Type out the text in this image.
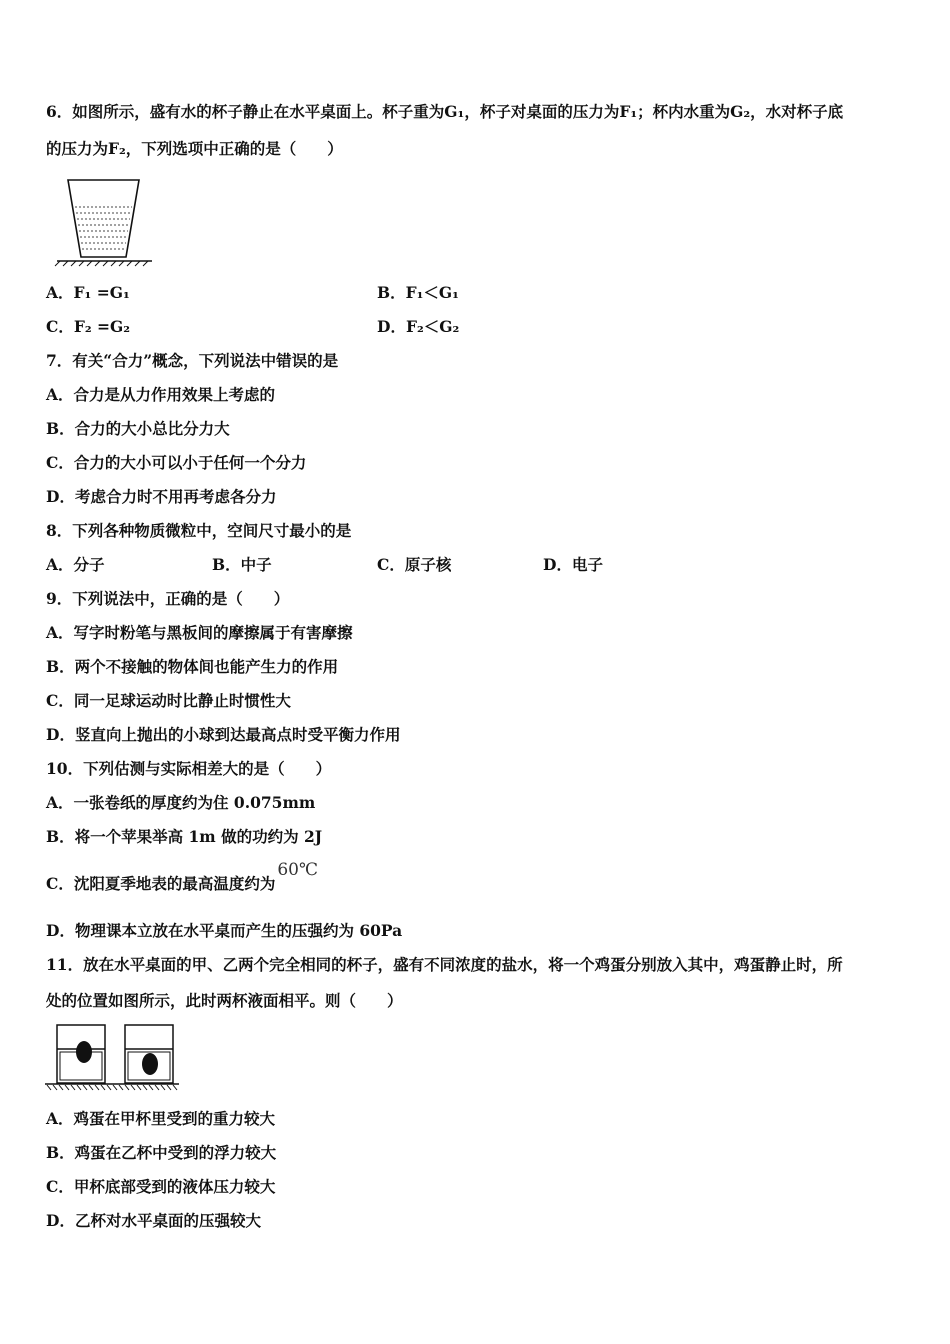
6．如图所示，盛有水的杯子静止在水平桌面上。杯子重为G₁，杯子对桌面的压力为F₁；杯内水重为G₂，水对杯子底
的压力为F₂，下列选项中正确的是（　　）
A．F₁ =G₁	B．F₁＜G₁
C．F₂ =G₂	D．F₂＜G₂
7．有关“合力”概念，下列说法中错误的是
A．合力是从力作用效果上考虑的
B．合力的大小总比分力大
C．合力的大小可以小于任何一个分力
D．考虑合力时不用再考虑各分力
8．下列各种物质微粒中，空间尺寸最小的是
A．分子	B．中子	C．原子核	D．电子
9．下列说法中，正确的是（　　）
A．写字时粉笔与黑板间的摩擦属于有害摩擦
B．两个不接触的物体间也能产生力的作用
C．同一足球运动时比静止时惯性大
D．竖直向上抛出的小球到达最高点时受平衡力作用
10．下列估测与实际相差大的是（　　）
A．一张卷纸的厚度约为住 0.075mm
B．将一个苹果举高 1m 做的功约为 2J
C．沈阳夏季地表的最高温度约为60℃
D．物理课本立放在水平桌而产生的压强约为 60Pa
11．放在水平桌面的甲、乙两个完全相同的杯子，盛有不同浓度的盐水，将一个鸡蛋分别放入其中，鸡蛋静止时，所
处的位置如图所示，此时两杯液面相平。则（　　）
A．鸡蛋在甲杯里受到的重力较大
B．鸡蛋在乙杯中受到的浮力较大
C．甲杯底部受到的液体压力较大
D．乙杯对水平桌面的压强较大
